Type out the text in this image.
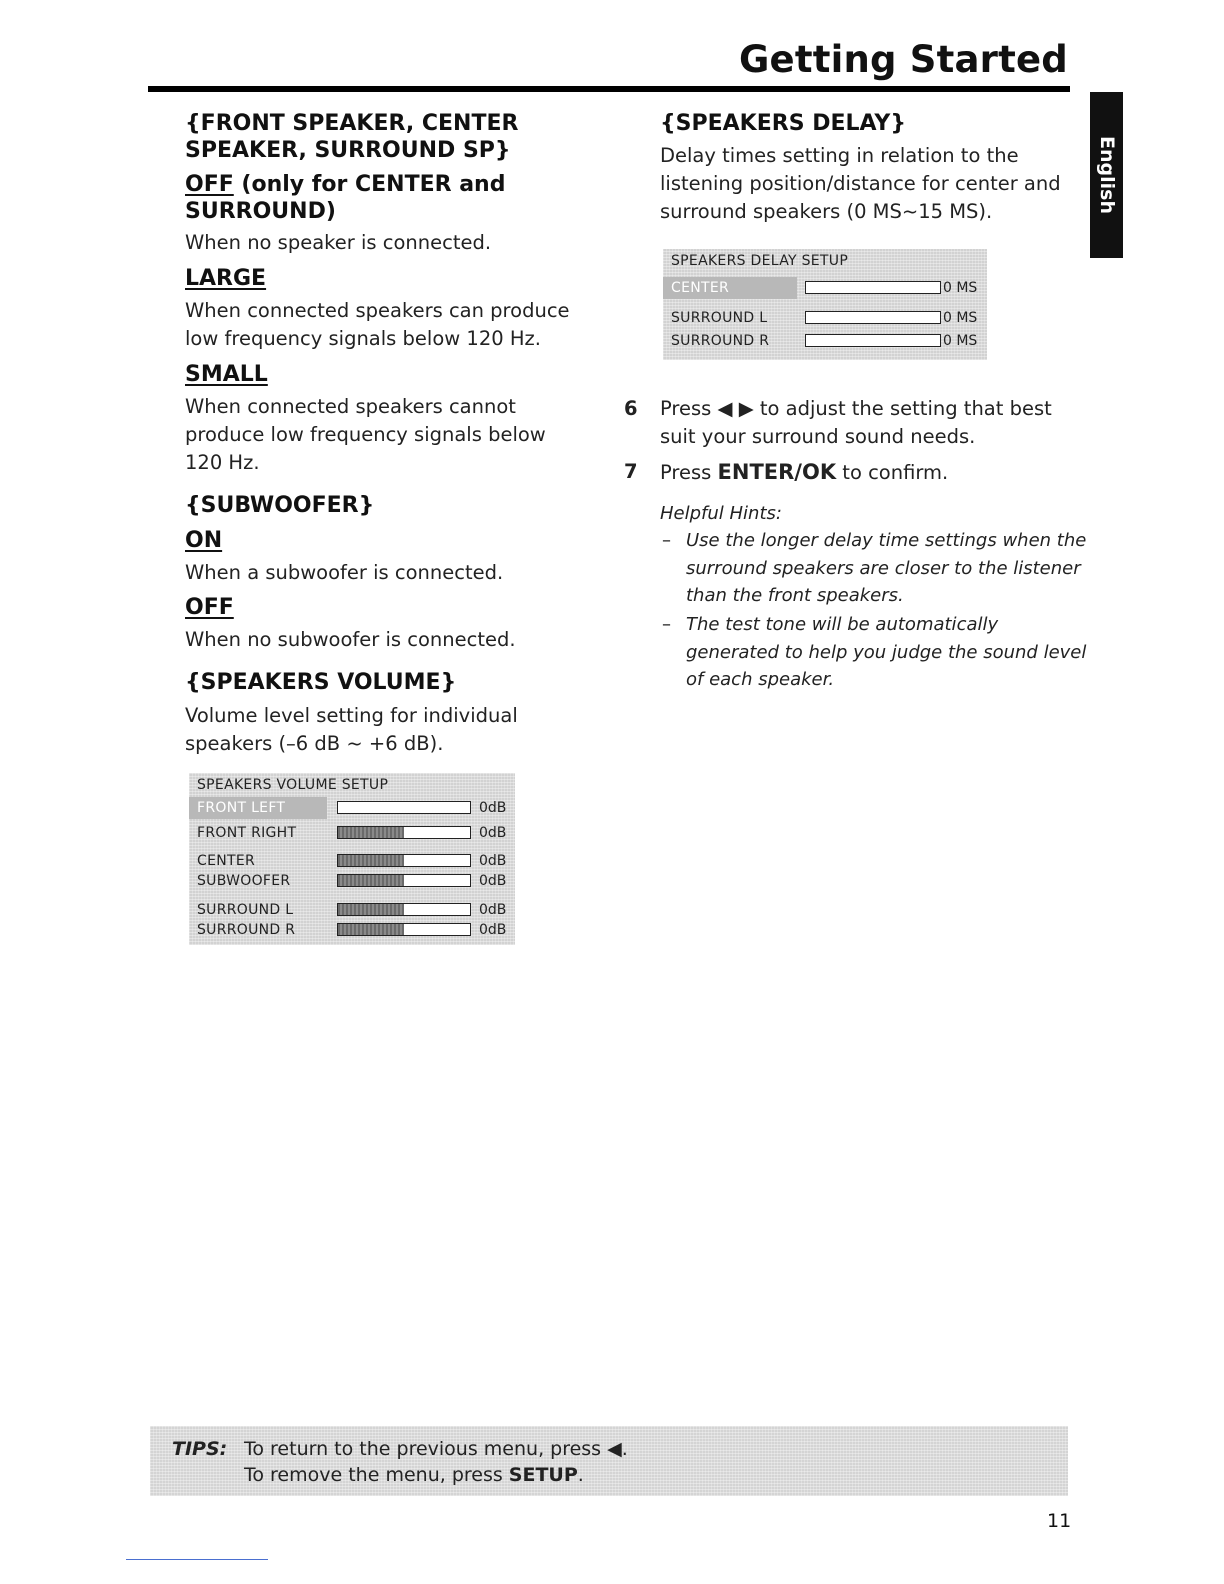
Getting Started
English
{FRONT SPEAKER, CENTER
SPEAKER, SURROUND SP}
OFF (only for CENTER and
SURROUND)
When no speaker is connected.
LARGE
When connected speakers can produce
low frequency signals below 120 Hz.
SMALL
When connected speakers cannot
produce low frequency signals below
120 Hz.
{SUBWOOFER}
ON
When a subwoofer is connected.
OFF
When no subwoofer is connected.
{SPEAKERS VOLUME}
Volume level setting for individual
speakers (–6 dB ~ +6 dB).
SPEAKERS VOLUME SETUP
FRONT LEFT	0dB
FRONT RIGHT	0dB
CENTER	0dB
SUBWOOFER	0dB
SURROUND L	0dB
SURROUND R	0dB
{SPEAKERS DELAY}
Delay times setting in relation to the
listening position/distance for center and
surround speakers (0 MS~15 MS).
SPEAKERS DELAY SETUP
CENTER	0 MS
SURROUND L	0 MS
SURROUND R	0 MS
6 Press ◀ ▶ to adjust the setting that best
suit your surround sound needs.
7 Press ENTER/OK to confirm.
Helpful Hints:
– Use the longer delay time settings when the
surround speakers are closer to the listener
than the front speakers.
– The test tone will be automatically
generated to help you judge the sound level
of each speaker.
TIPS: To return to the previous menu, press ◀.
To remove the menu, press SETUP.
11
